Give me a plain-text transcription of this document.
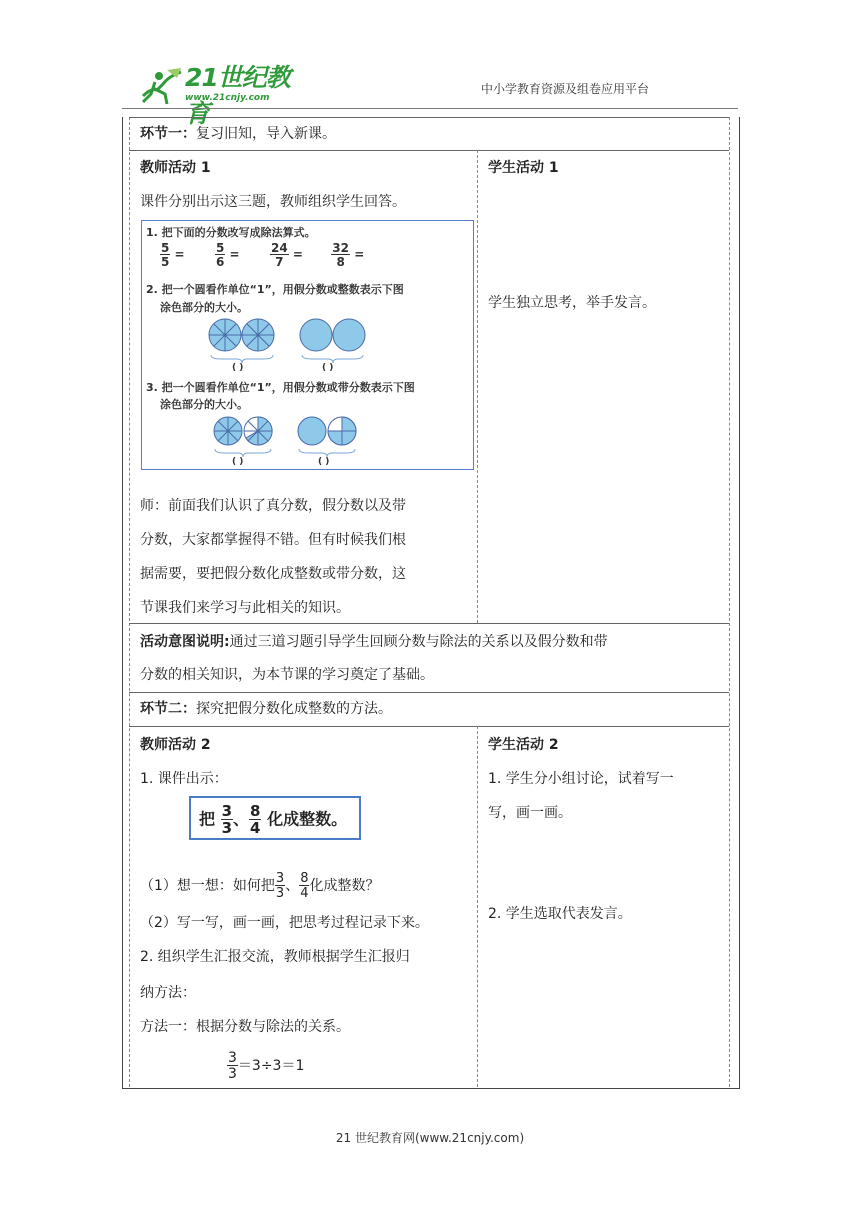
21世纪教育
www.21cnjy.com
中小学教育资源及组卷应用平台
环节一：复习旧知，导入新课。
教师活动 1
课件分别出示这三题，教师组织学生回答。
1. 把下面的分数改写成除法算式。
$\frac{5}{5}$ =	$\frac{5}{6}$ =	$\frac{24}{7} = \frac{32}{8}$ =
2. 把一个圆看作单位“1”，用假分数或整数表示下图
涂色部分的大小。
( )	( )
3. 把一个圆看作单位“1”，用假分数或带分数表示下图
涂色部分的大小。
( )	( )
师：前面我们认识了真分数，假分数以及带
分数，大家都掌握得不错。但有时候我们根
据需要，要把假分数化成整数或带分数，这
节课我们来学习与此相关的知识。
学生活动 1
学生独立思考，举手发言。
活动意图说明:通过三道习题引导学生回顾分数与除法的关系以及假分数和带
分数的相关知识，为本节课的学习奠定了基础。
环节二：探究把假分数化成整数的方法。
教师活动 2
1. 课件出示：
把 $\frac{3}{3}$ 、 $\frac{8}{4}$ 化成整数。
（1）想一想：如何把 $\frac{3}{3}$ 、 $\frac{8}{4}$ 化成整数？
（2）写一写，画一画，把思考过程记录下来。
2. 组织学生汇报交流，教师根据学生汇报归
纳方法：
方法一：根据分数与除法的关系。
$\frac{3}{3} =3\div 3=1$
学生活动 2
1. 学生分小组讨论，试着写一
写，画一画。
2. 学生选取代表发言。
21 世纪教育网(www.21cnjy.com)
